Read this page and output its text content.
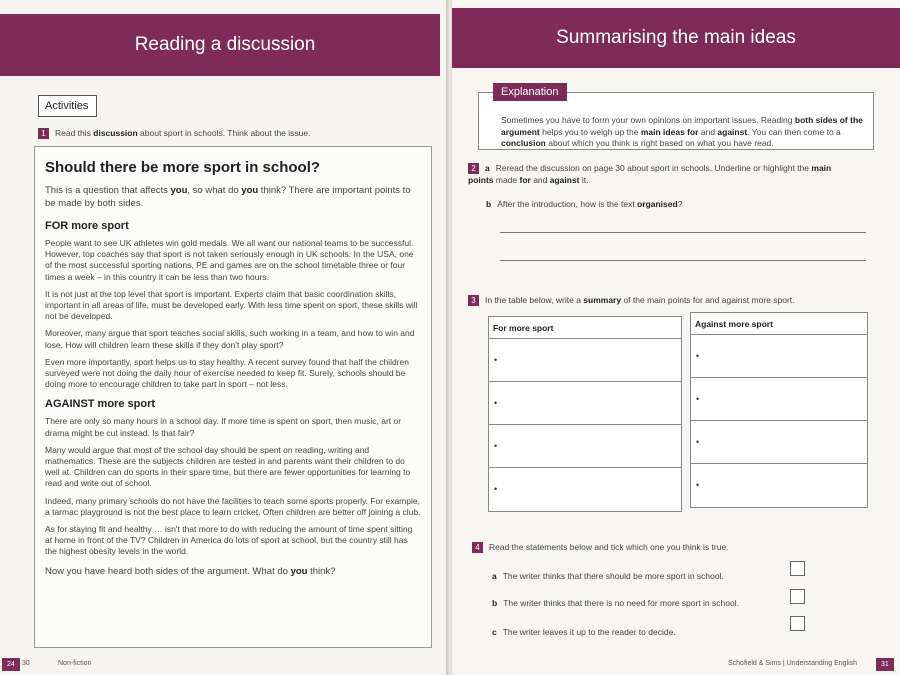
Reading a discussion
Activities
1 Read this discussion about sport in schools. Think about the issue.
Should there be more sport in school?

This is a question that affects you, so what do you think? There are important points to be made by both sides.

FOR more sport

People want to see UK athletes win gold medals. We all want our national teams to be successful. However, top coaches say that sport is not taken seriously enough in UK schools. In the USA, one of the most successful sporting nations, PE and games are on the school timetable three or four times a week – in this country it can be less than two hours.

It is not just at the top level that sport is important. Experts claim that basic coordination skills, important in all areas of life, must be developed early. With less time spent on sport, these skills will not be developed.

Moreover, many argue that sport teaches social skills, such working in a team, and how to win and lose. How will children learn these skills if they don't play sport?

Even more importantly, sport helps us to stay healthy. A recent survey found that half the children surveyed were not doing the daily hour of exercise needed to keep fit. Surely, schools should be doing more to encourage children to take part in sport – not less.

AGAINST more sport

There are only so many hours in a school day. If more time is spent on sport, then music, art or drama might be cut instead. Is that fair?

Many would argue that most of the school day should be spent on reading, writing and mathematics. These are the subjects children are tested in and parents want their children to do well at. Children can do sports in their spare time, but there are fewer opportunities for learning to read and write out of school.

Indeed, many primary schools do not have the facilities to teach some sports properly. For example, a tarmac playground is not the best place to learn cricket. Often children are better off joining a club.

As for staying fit and healthy … isn't that more to do with reducing the amount of time spent sitting at home in front of the TV? Children in America do lots of sport at school, but the country still has the highest obesity levels in the world.

Now you have heard both sides of the argument. What do you think?

24	30	Non-fiction
Summarising the main ideas
Explanation

Sometimes you have to form your own opinions on important issues. Reading both sides of the argument helps you to weigh up the main ideas for and against. You can then come to a conclusion about which you think is right based on what you have read.

2 a Reread the discussion on page 30 about sport in schools. Underline or highlight the main points made for and against it.
b After the introduction, how is the text organised?
3 In the table below, write a summary of the main points for and against more sport.
For more sport
•
•
•
•
Against more sport
•
•
•
•
4 Read the statements below and tick which one you think is true.
a The writer thinks that there should be more sport in school.
b The writer thinks that there is no need for more sport in school.
c The writer leaves it up to the reader to decide.
Schofield & Sims | Understanding English	31
